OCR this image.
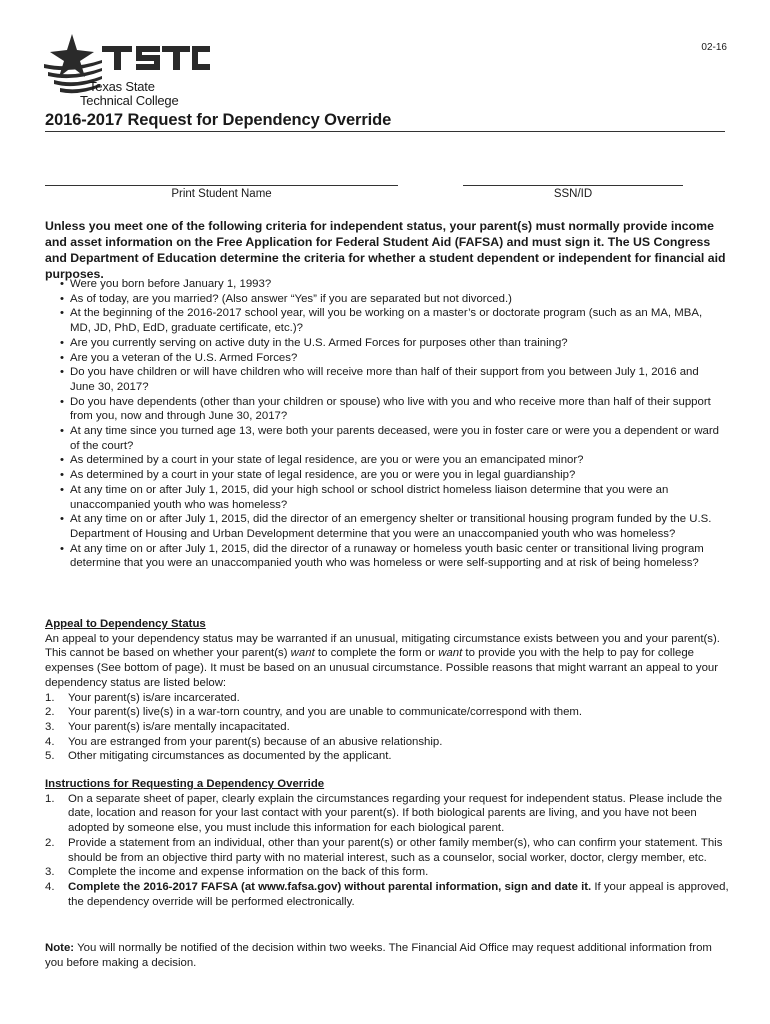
Texas State
Technical College
02-16
2016-2017 Request for Dependency Override
Print Student Name	SSN/ID
Unless you meet one of the following criteria for independent status, your parent(s) must normally provide income and asset information on the Free Application for Federal Student Aid (FAFSA) and must sign it. The US Congress and Department of Education determine the criteria for whether a student dependent or independent for financial aid purposes.
• Were you born before January 1, 1993?
• As of today, are you married? (Also answer “Yes” if you are separated but not divorced.)
• At the beginning of the 2016-2017 school year, will you be working on a master’s or doctorate program (such as an MA, MBA, MD, JD, PhD, EdD, graduate certificate, etc.)?
• Are you currently serving on active duty in the U.S. Armed Forces for purposes other than training?
• Are you a veteran of the U.S. Armed Forces?
• Do you have children or will have children who will receive more than half of their support from you between July 1, 2016 and June 30, 2017?
• Do you have dependents (other than your children or spouse) who live with you and who receive more than half of their support from you, now and through June 30, 2017?
• At any time since you turned age 13, were both your parents deceased, were you in foster care or were you a dependent or ward of the court?
• As determined by a court in your state of legal residence, are you or were you an emancipated minor?
• As determined by a court in your state of legal residence, are you or were you in legal guardianship?
• At any time on or after July 1, 2015, did your high school or school district homeless liaison determine that you were an unaccompanied youth who was homeless?
• At any time on or after July 1, 2015, did the director of an emergency shelter or transitional housing program funded by the U.S. Department of Housing and Urban Development determine that you were an unaccompanied youth who was homeless?
• At any time on or after July 1, 2015, did the director of a runaway or homeless youth basic center or transitional living program determine that you were an unaccompanied youth who was homeless or were self-supporting and at risk of being homeless?
Appeal to Dependency Status
An appeal to your dependency status may be warranted if an unusual, mitigating circumstance exists between you and your parent(s). This cannot be based on whether your parent(s) want to complete the form or want to provide you with the help to pay for college expenses (See bottom of page). It must be based on an unusual circumstance. Possible reasons that might warrant an appeal to your dependency status are listed below:
1. Your parent(s) is/are incarcerated.
2. Your parent(s) live(s) in a war-torn country, and you are unable to communicate/correspond with them.
3. Your parent(s) is/are mentally incapacitated.
4. You are estranged from your parent(s) because of an abusive relationship.
5. Other mitigating circumstances as documented by the applicant.
Instructions for Requesting a Dependency Override
1. On a separate sheet of paper, clearly explain the circumstances regarding your request for independent status. Please include the date, location and reason for your last contact with your parent(s). If both biological parents are living, and you have not been adopted by someone else, you must include this information for each biological parent.
2. Provide a statement from an individual, other than your parent(s) or other family member(s), who can confirm your statement. This should be from an objective third party with no material interest, such as a counselor, social worker, doctor, clergy member, etc.
3. Complete the income and expense information on the back of this form.
4. Complete the 2016-2017 FAFSA (at www.fafsa.gov) without parental information, sign and date it. If your appeal is approved, the dependency override will be performed electronically.
Note: You will normally be notified of the decision within two weeks. The Financial Aid Office may request additional information from you before making a decision.
